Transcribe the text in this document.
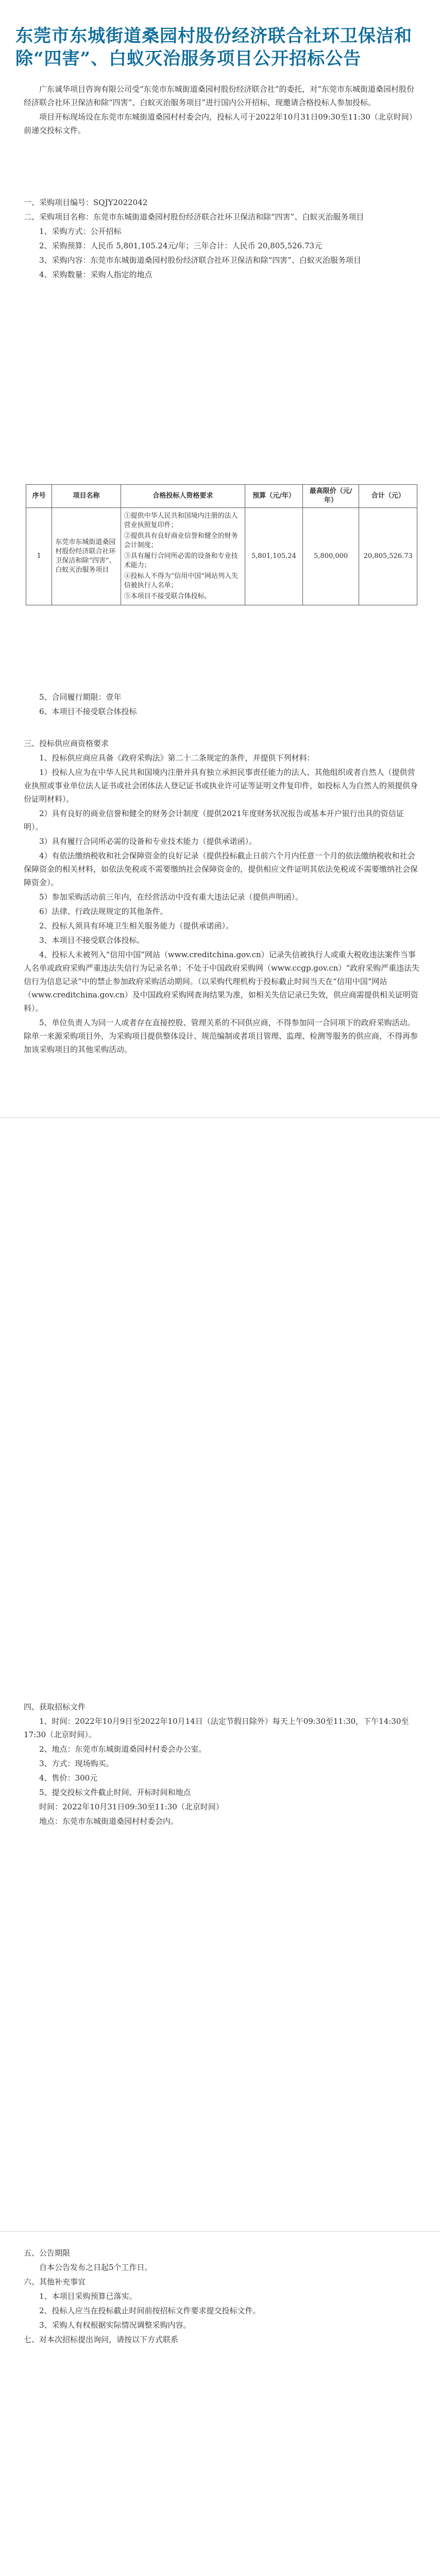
东莞市东城街道桑园村股份经济联合社环卫保洁和除“四害”、白蚁灭治服务项目公开招标公告
广东诚华项目咨询有限公司受“东莞市东城街道桑园村股份经济联合社”的委托，对“东莞市东城街道桑园村股份经济联合社环卫保洁和除“四害”、白蚁灭治服务项目”进行国内公开招标，现邀请合格投标人参加投标。
项目开标现场设在东莞市东城街道桑园村村委会内，投标人可于2022年10月31日09:30至11:30（北京时间）前递交投标文件。
一、采购项目编号：SQJY2022042
二、采购项目名称：东莞市东城街道桑园村股份经济联合社环卫保洁和除“四害”、白蚁灭治服务项目
1、采购方式：公开招标
2、采购预算：人民币 5,801,105.24元/年；三年合计：人民币 20,805,526.73元
3、采购内容：东莞市东城街道桑园村股份经济联合社环卫保洁和除“四害”、白蚁灭治服务项目
4、采购数量：采购人指定的地点
序号	项目名称	合格投标人资格要求	预算（元/年）	最高限价（元/年）	合计（元）
1	东莞市东城街道桑园村股份经济联合社环卫保洁和除“四害”、白蚁灭治服务项目	①提供中华人民共和国境内注册的法人营业执照复印件；
②提供具有良好商业信誉和健全的财务会计制度；
③具有履行合同所必需的设备和专业技术能力；
④投标人不得为“信用中国”网站列入失信被执行人名单；
⑤本项目不接受联合体投标。	5,801,105.24	5,800,000	20,805,526.73
5、合同履行期限：壹年
6、本项目不接受联合体投标
三、投标供应商资格要求
1、投标供应商应具备《政府采购法》第二十二条规定的条件，并提供下列材料：
1）投标人应为在中华人民共和国境内注册并具有独立承担民事责任能力的法人、其他组织或者自然人（提供营业执照或事业单位法人证书或社会团体法人登记证书或执业许可证等证明文件复印件，如投标人为自然人的须提供身份证明材料）。
2）具有良好的商业信誉和健全的财务会计制度（提供2021年度财务状况报告或基本开户银行出具的资信证明）。
3）具有履行合同所必需的设备和专业技术能力（提供承诺函）。
4）有依法缴纳税收和社会保障资金的良好记录（提供投标截止日前六个月内任意一个月的依法缴纳税收和社会保障资金的相关材料，如依法免税或不需要缴纳社会保障资金的，提供相应文件证明其依法免税或不需要缴纳社会保障资金）。
5）参加采购活动前三年内，在经营活动中没有重大违法记录（提供声明函）。
6）法律、行政法规规定的其他条件。
2、投标人须具有环境卫生相关服务能力（提供承诺函）。
3、本项目不接受联合体投标。
4、投标人未被列入“信用中国”网站（www.creditchina.gov.cn）记录失信被执行人或重大税收违法案件当事人名单或政府采购严重违法失信行为记录名单；不处于中国政府采购网（www.ccgp.gov.cn）“政府采购严重违法失信行为信息记录”中的禁止参加政府采购活动期间。（以采购代理机构于投标截止时间当天在“信用中国”网站（www.creditchina.gov.cn）及中国政府采购网查询结果为准，如相关失信记录已失效，供应商需提供相关证明资料）。
5、单位负责人为同一人或者存在直接控股、管理关系的不同供应商，不得参加同一合同项下的政府采购活动。除单一来源采购项目外，为采购项目提供整体设计、规范编制或者项目管理、监理、检测等服务的供应商，不得再参加该采购项目的其他采购活动。
四、获取招标文件
1、时间：2022年10月9日至2022年10月14日（法定节假日除外）每天上午09:30至11:30，下午14:30至17:30（北京时间）。
2、地点：东莞市东城街道桑园村村委会办公室。
3、方式：现场购买。
4、售价：300元
5、提交投标文件截止时间、开标时间和地点
时间：2022年10月31日09:30至11:30（北京时间）
地点：东莞市东城街道桑园村村委会内。
五、公告期限
自本公告发布之日起5个工作日。
六、其他补充事宜
1、本项目采购预算已落实。
2、投标人应当在投标截止时间前按招标文件要求提交投标文件。
3、采购人有权根据实际情况调整采购内容。
七、对本次招标提出询问，请按以下方式联系
